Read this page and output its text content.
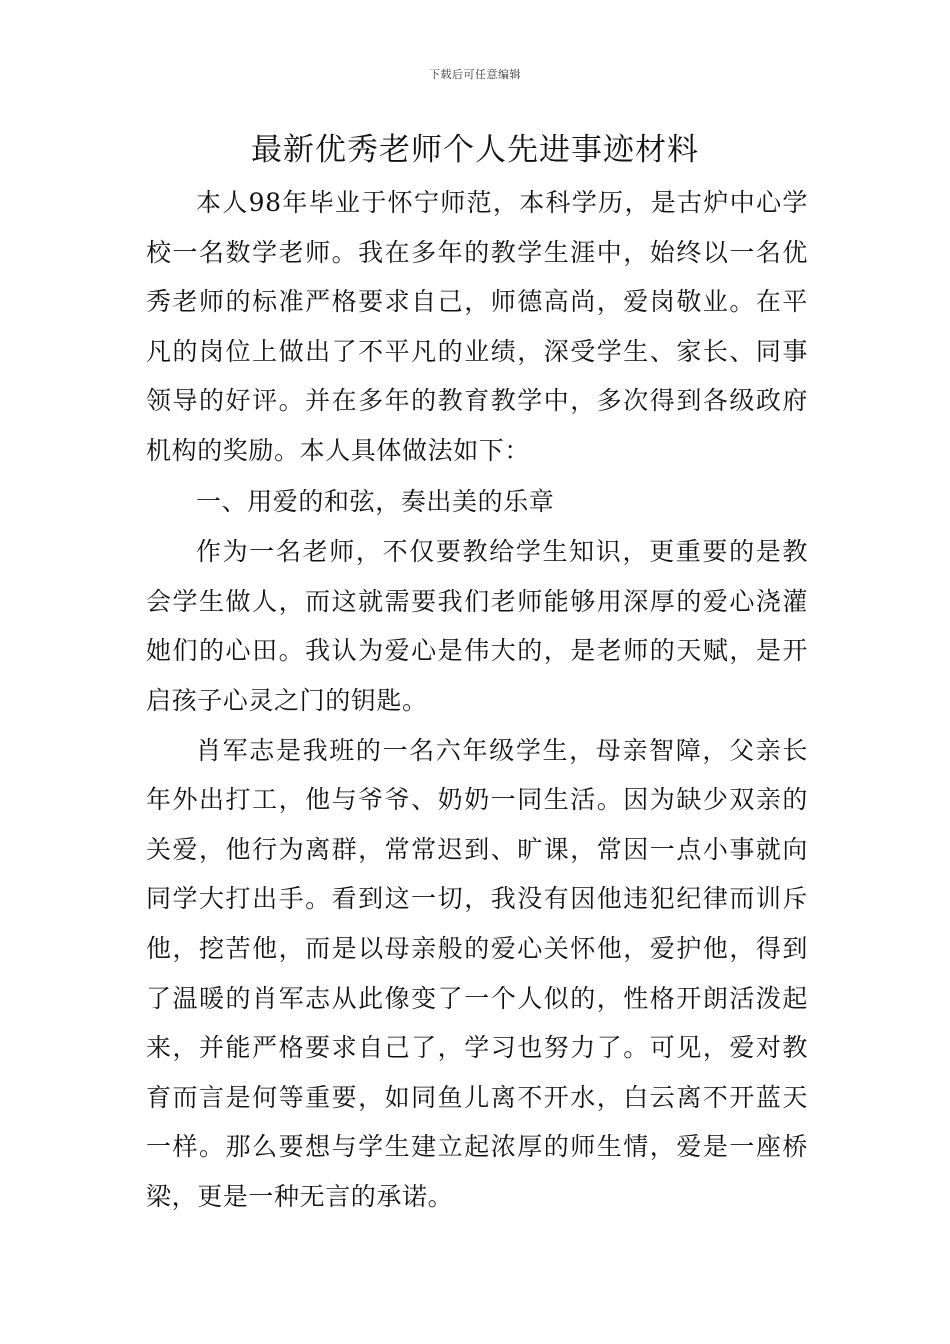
下载后可任意编辑
最新优秀老师个人先进事迹材料

本人98年毕业于怀宁师范，本科学历，是古炉中心学校一名数学老师。我在多年的教学生涯中，始终以一名优秀老师的标准严格要求自己，师德高尚，爱岗敬业。在平凡的岗位上做出了不平凡的业绩，深受学生、家长、同事领导的好评。并在多年的教育教学中，多次得到各级政府机构的奖励。本人具体做法如下：

一、用爱的和弦，奏出美的乐章

作为一名老师，不仅要教给学生知识，更重要的是教会学生做人，而这就需要我们老师能够用深厚的爱心浇灌她们的心田。我认为爱心是伟大的，是老师的天赋，是开启孩子心灵之门的钥匙。

肖军志是我班的一名六年级学生，母亲智障，父亲长年外出打工，他与爷爷、奶奶一同生活。因为缺少双亲的关爱，他行为离群，常常迟到、旷课，常因一点小事就向同学大打出手。看到这一切，我没有因他违犯纪律而训斥他，挖苦他，而是以母亲般的爱心关怀他，爱护他，得到了温暖的肖军志从此像变了一个人似的，性格开朗活泼起来，并能严格要求自己了，学习也努力了。可见，爱对教育而言是何等重要，如同鱼儿离不开水，白云离不开蓝天一样。那么要想与学生建立起浓厚的师生情，爱是一座桥梁，更是一种无言的承诺。
